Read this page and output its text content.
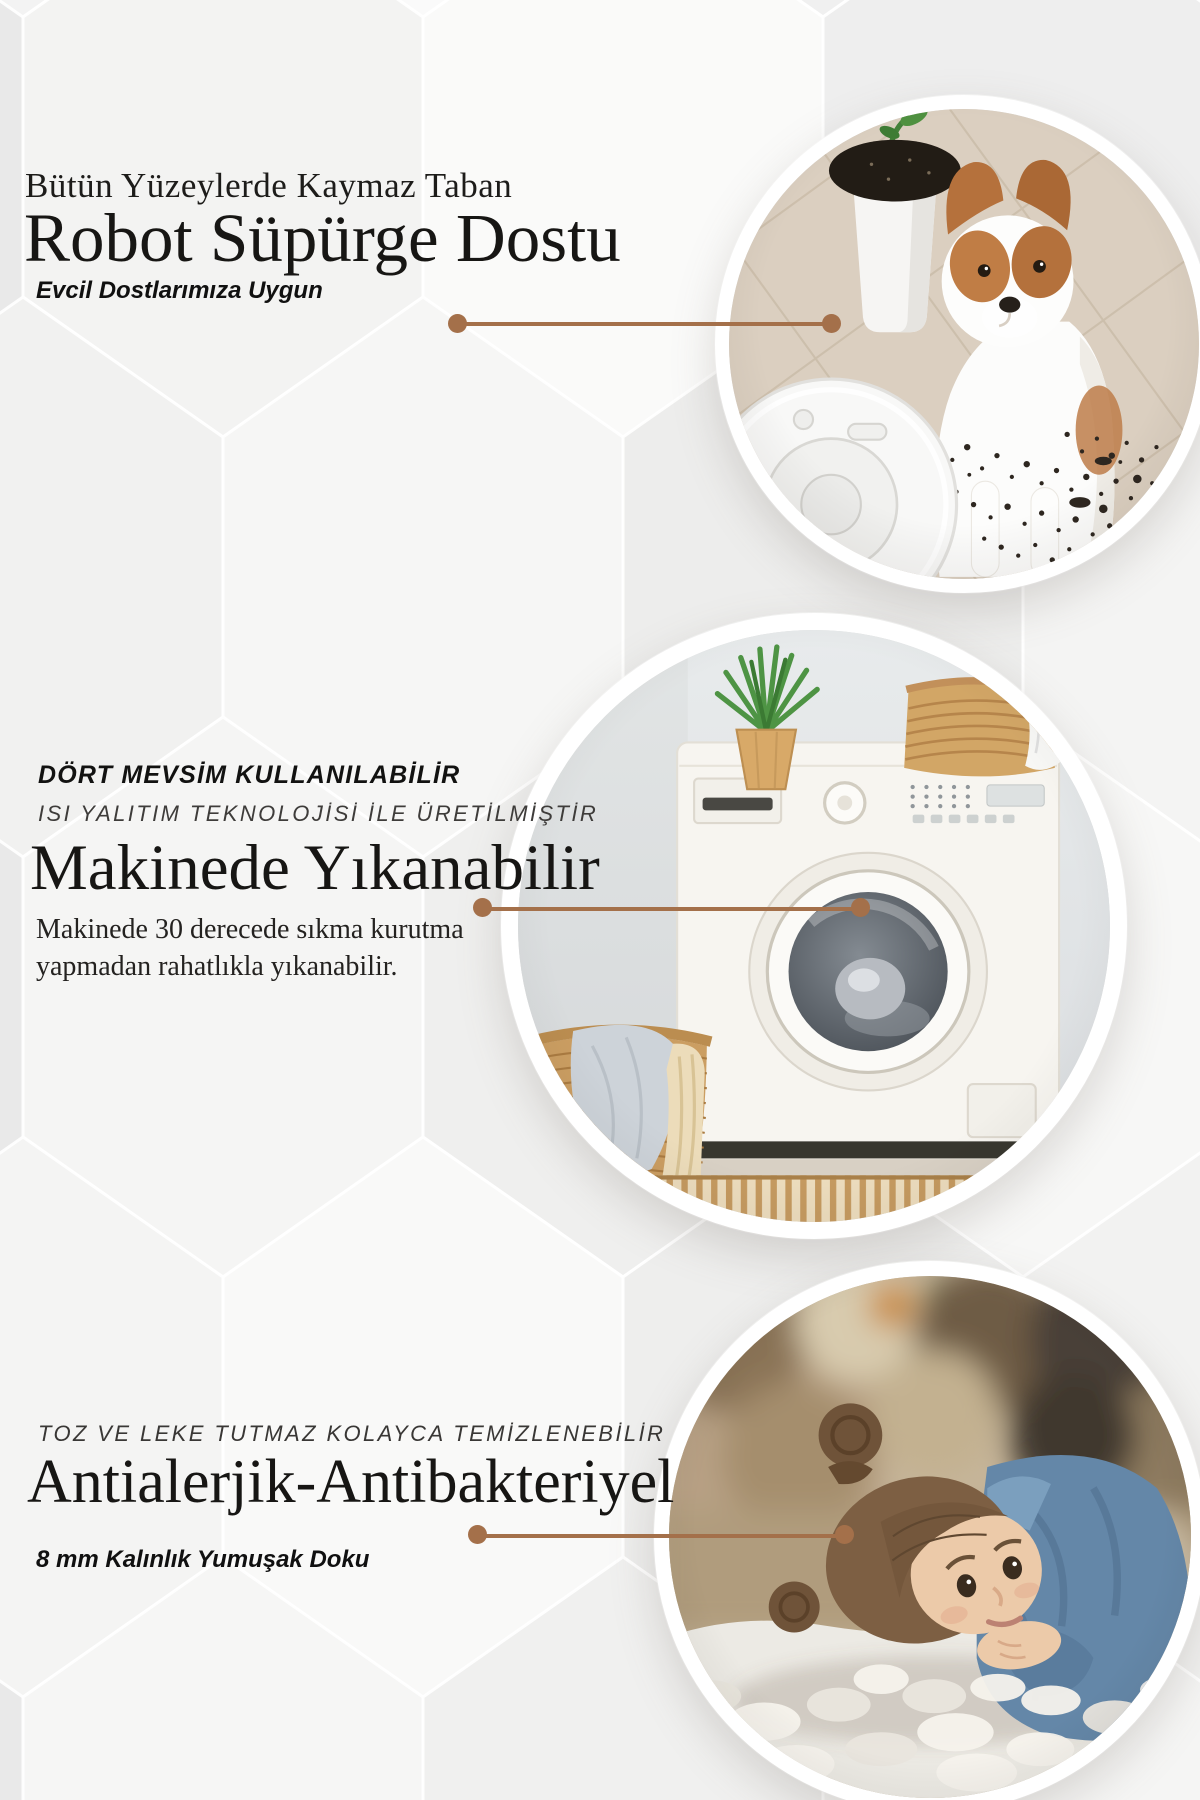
Bütün Yüzeylerde Kaymaz Taban
Robot Süpürge Dostu
Evcil Dostlarımıza Uygun
DÖRT MEVSİM KULLANILABİLİR
ISI YALITIM TEKNOLOJİSİ İLE ÜRETİLMİŞTİR
Makinede Yıkanabilir
Makinede 30 derecede sıkma kurutma
yapmadan rahatlıkla yıkanabilir.
TOZ VE LEKE TUTMAZ KOLAYCA TEMİZLENEBİLİR
Antialerjik-Antibakteriyel
8 mm Kalınlık Yumuşak Doku
